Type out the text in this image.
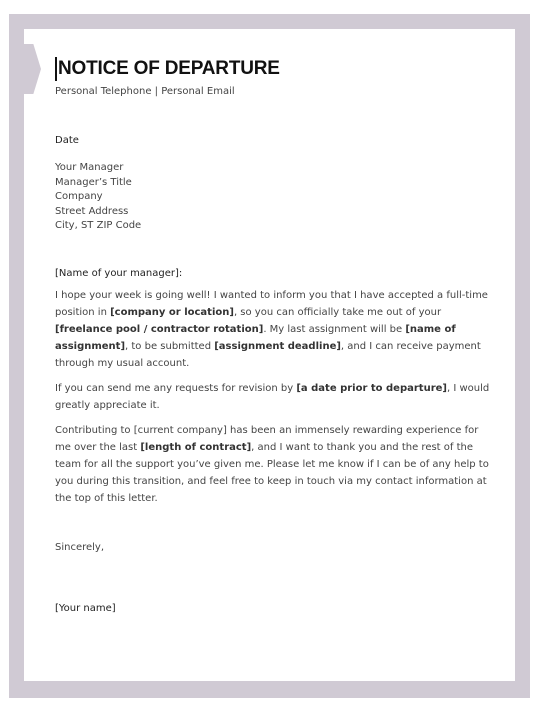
NOTICE OF DEPARTURE
Personal Telephone | Personal Email
Date
Your Manager
Manager’s Title
Company
Street Address
City, ST ZIP Code
[Name of your manager]:

I hope your week is going well! I wanted to inform you that I have accepted a full-time position in [company or location], so you can officially take me out of your [freelance pool / contractor rotation]. My last assignment will be [name of assignment], to be submitted [assignment deadline], and I can receive payment through my usual account.

If you can send me any requests for revision by [a date prior to departure], I would greatly appreciate it.

Contributing to [current company] has been an immensely rewarding experience for me over the last [length of contract], and I want to thank you and the rest of the team for all the support you’ve given me. Please let me know if I can be of any help to you during this transition, and feel free to keep in touch via my contact information at the top of this letter.

Sincerely,
[Your name]
